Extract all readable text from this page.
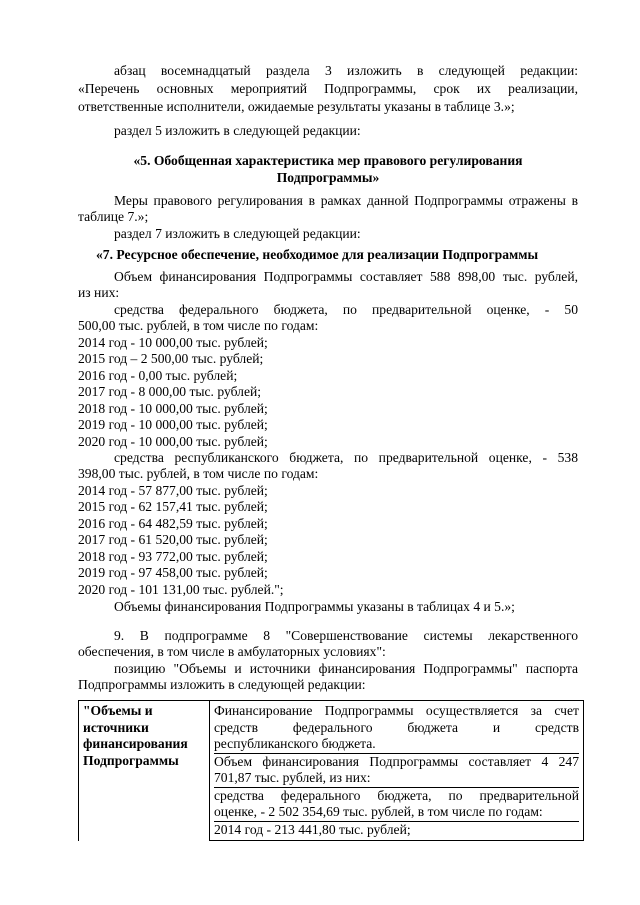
абзац восемнадцатый раздела 3 изложить в следующей редакции:
«Перечень основных мероприятий Подпрограммы, срок их реализации,
ответственные исполнители, ожидаемые результаты указаны в таблице 3.»;
раздел 5 изложить в следующей редакции:
«5. Обобщенная характеристика мер правового регулирования
Подпрограммы»
Меры правового регулирования в рамках данной Подпрограммы отражены в
таблице 7.»;
раздел 7 изложить в следующей редакции:
«7. Ресурсное обеспечение, необходимое для реализации Подпрограммы
Объем финансирования Подпрограммы составляет 588 898,00 тыс. рублей,
из них:
средства федерального бюджета, по предварительной оценке, - 50
500,00 тыс. рублей, в том числе по годам:
2014 год - 10 000,00 тыс. рублей;
2015 год – 2 500,00 тыс. рублей;
2016 год - 0,00 тыс. рублей;
2017 год - 8 000,00 тыс. рублей;
2018 год - 10 000,00 тыс. рублей;
2019 год - 10 000,00 тыс. рублей;
2020 год - 10 000,00 тыс. рублей;
средства республиканского бюджета, по предварительной оценке, - 538
398,00 тыс. рублей, в том числе по годам:
2014 год - 57 877,00 тыс. рублей;
2015 год - 62 157,41 тыс. рублей;
2016 год - 64 482,59 тыс. рублей;
2017 год - 61 520,00 тыс. рублей;
2018 год - 93 772,00 тыс. рублей;
2019 год - 97 458,00 тыс. рублей;
2020 год - 101 131,00 тыс. рублей.";
Объемы финансирования Подпрограммы указаны в таблицах 4 и 5.»;
9. В подпрограмме 8 "Совершенствование системы лекарственного
обеспечения, в том числе в амбулаторных условиях":
позицию "Объемы и источники финансирования Подпрограммы" паспорта
Подпрограммы изложить в следующей редакции:
"Объемы и
источники
финансирования
Подпрограммы

Финансирование Подпрограммы осуществляется за счет
средств федерального бюджета и средств
республиканского бюджета.
Объем финансирования Подпрограммы составляет 4 247
701,87 тыс. рублей, из них:
средства федерального бюджета, по предварительной
оценке, - 2 502 354,69 тыс. рублей, в том числе по годам:
2014 год - 213 441,80 тыс. рублей;
